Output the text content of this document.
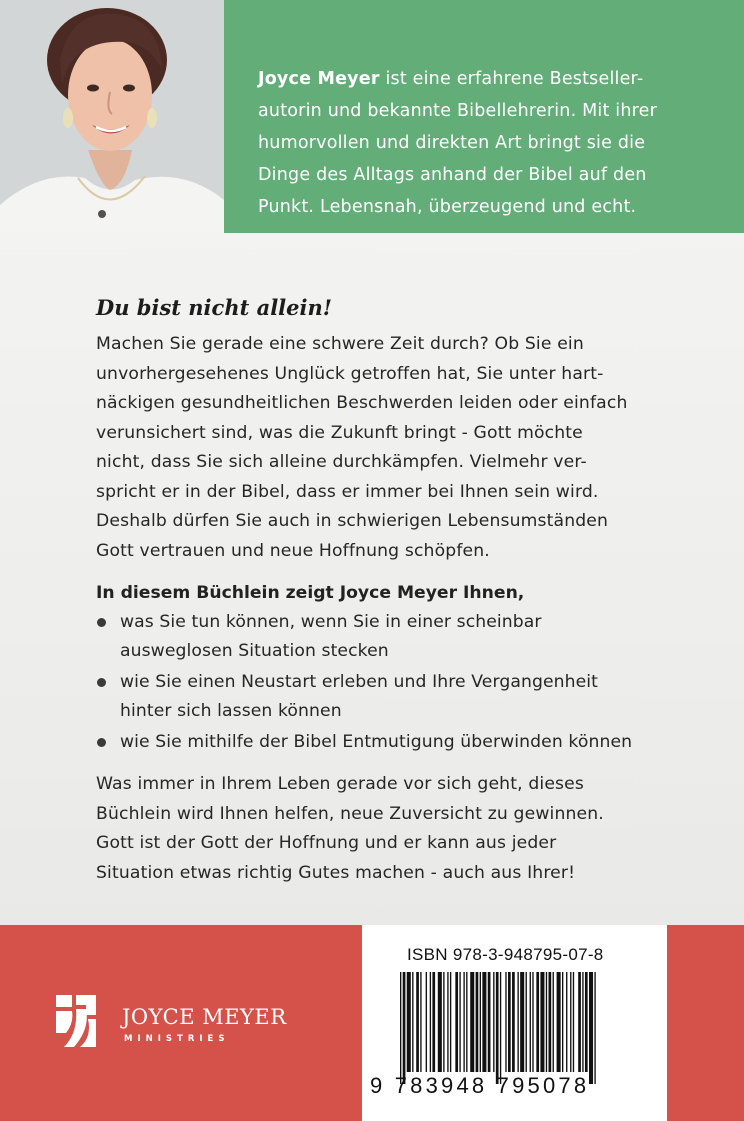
Joyce Meyer ist eine erfahrene Bestseller-
autorin und bekannte Bibellehrerin. Mit ihrer
humorvollen und direkten Art bringt sie die
Dinge des Alltags anhand der Bibel auf den
Punkt. Lebensnah, überzeugend und echt.

Du bist nicht allein!

Machen Sie gerade eine schwere Zeit durch? Ob Sie ein
unvorhergesehenes Unglück getroffen hat, Sie unter hart-
näckigen gesundheitlichen Beschwerden leiden oder einfach
verunsichert sind, was die Zukunft bringt - Gott möchte
nicht, dass Sie sich alleine durchkämpfen. Vielmehr ver-
spricht er in der Bibel, dass er immer bei Ihnen sein wird.
Deshalb dürfen Sie auch in schwierigen Lebensumständen
Gott vertrauen und neue Hoffnung schöpfen.

In diesem Büchlein zeigt Joyce Meyer Ihnen,

was Sie tun können, wenn Sie in einer scheinbar
ausweglosen Situation stecken
wie Sie einen Neustart erleben und Ihre Vergangenheit
hinter sich lassen können
wie Sie mithilfe der Bibel Entmutigung überwinden können

Was immer in Ihrem Leben gerade vor sich geht, dieses
Büchlein wird Ihnen helfen, neue Zuversicht zu gewinnen.
Gott ist der Gott der Hoffnung und er kann aus jeder
Situation etwas richtig Gutes machen - auch aus Ihrer!

JOYCE MEYER
MINISTRIES
ISBN 978-3-948795-07-8
9 783948 795078
